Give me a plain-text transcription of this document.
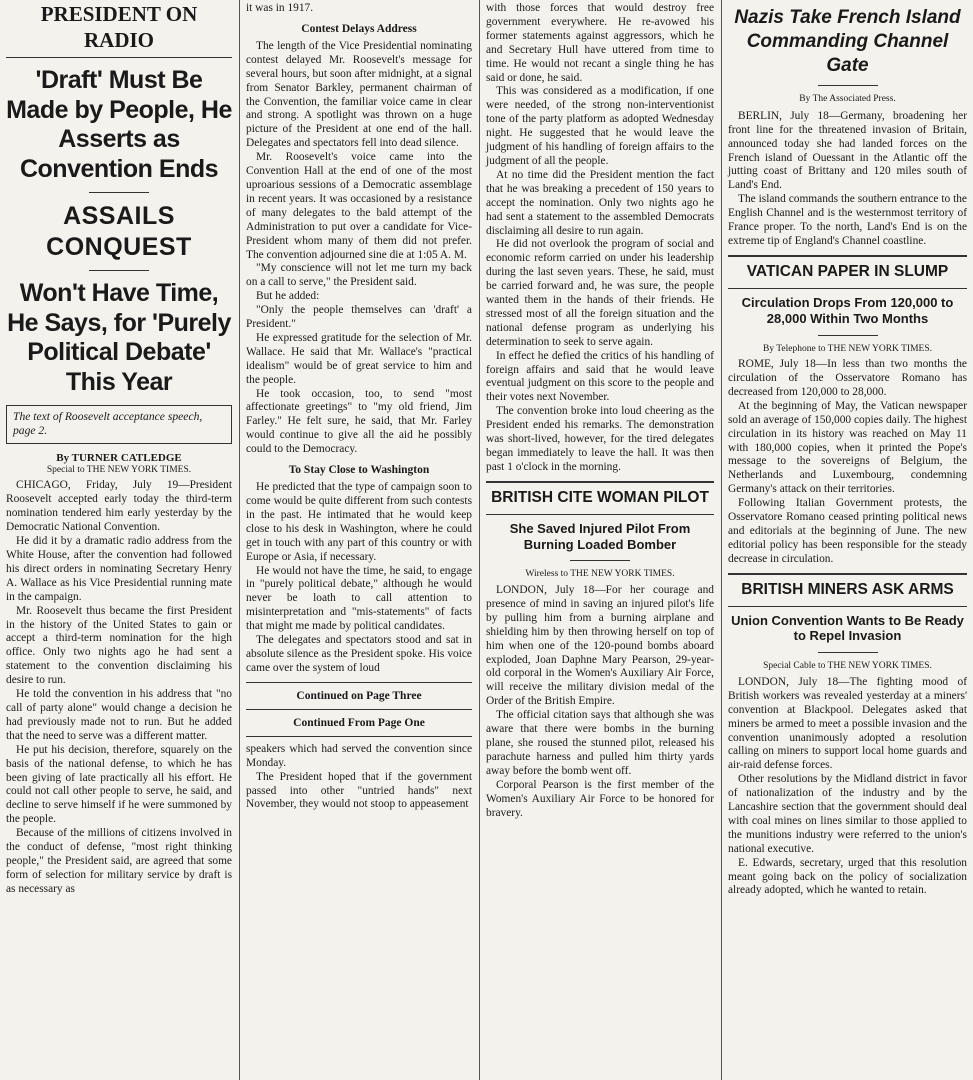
PRESIDENT ON RADIO
'Draft' Must Be Made by People, He Asserts as Convention Ends
ASSAILS CONQUEST
Won't Have Time, He Says, for 'Purely Political Debate' This Year
The text of Roosevelt acceptance speech, page 2.
By TURNER CATLEDGE
Special to THE NEW YORK TIMES.

CHICAGO, Friday, July 19—President Roosevelt accepted early today the third-term nomination tendered him early yesterday by the Democratic National Convention.

He did it by a dramatic radio address from the White House, after the convention had followed his direct orders in nominating Secretary Henry A. Wallace as his Vice Presidential running mate in the campaign.

Mr. Roosevelt thus became the first President in the history of the United States to gain or accept a third-term nomination for the high office. Only two nights ago he had sent a statement to the convention disclaiming his desire to run.

He told the convention in his address that "no call of party alone" would change a decision he had previously made not to run. But he added that the need to serve was a different matter.

He put his decision, therefore, squarely on the basis of the national defense, to which he has been giving of late practically all his effort. He could not call other people to serve, he said, and decline to serve himself if he were summoned by the people.

Because of the millions of citizens involved in the conduct of defense, "most right thinking people," the President said, are agreed that some form of selection for military service by draft is as necessary as

it was in 1917.

Contest Delays Address

The length of the Vice Presidential nominating contest delayed Mr. Roosevelt's message for several hours, but soon after midnight, at a signal from Senator Barkley, permanent chairman of the Convention, the familiar voice came in clear and strong. A spotlight was thrown on a huge picture of the President at one end of the hall. Delegates and spectators fell into dead silence.

Mr. Roosevelt's voice came into the Convention Hall at the end of one of the most uproarious sessions of a Democratic assemblage in recent years. It was occasioned by a resistance of many delegates to the bald attempt of the Administration to put over a candidate for Vice-President whom many of them did not prefer. The convention adjourned sine die at 1:05 A. M.

"My conscience will not let me turn my back on a call to serve," the President said.

But he added:

"Only the people themselves can 'draft' a President."

He expressed gratitude for the selection of Mr. Wallace. He said that Mr. Wallace's "practical idealism" would be of great service to him and the people.

He took occasion, too, to send "most affectionate greetings" to "my old friend, Jim Farley." He felt sure, he said, that Mr. Farley would continue to give all the aid he possibly could to the Democracy.

To Stay Close to Washington

He predicted that the type of campaign soon to come would be quite different from such contests in the past. He intimated that he would keep close to his desk in Washington, where he could get in touch with any part of this country or with Europe or Asia, if necessary.

He would not have the time, he said, to engage in "purely political debate," although he would never be loath to call attention to misinterpretation and "mis-statements" of facts that might me made by political candidates.

The delegates and spectators stood and sat in absolute silence as the President spoke. His voice came over the system of loud

Continued on Page Three
Continued From Page One

speakers which had served the convention since Monday.

The President hoped that if the government passed into other "untried hands" next November, they would not stoop to appeasement

with those forces that would destroy free government everywhere. He re-avowed his former statements against aggressors, which he and Secretary Hull have uttered from time to time. He would not recant a single thing he has said or done, he said.

This was considered as a modification, if one were needed, of the strong non-interventionist tone of the party platform as adopted Wednesday night. He suggested that he would leave the judgment of his handling of foreign affairs to the judgment of all the people.

At no time did the President mention the fact that he was breaking a precedent of 150 years to accept the nomination. Only two nights ago he had sent a statement to the assembled Democrats disclaiming all desire to run again.

He did not overlook the program of social and economic reform carried on under his leadership during the last seven years. These, he said, must be carried forward and, he was sure, the people wanted them in the hands of their friends. He stressed most of all the foreign situation and the national defense program as underlying his determination to seek to serve again.

In effect he defied the critics of his handling of foreign affairs and said that he would leave eventual judgment on this score to the people and their votes next November.

The convention broke into loud cheering as the President ended his remarks. The demonstration was short-lived, however, for the tired delegates began immediately to leave the hall. It was then past 1 o'clock in the morning.

BRITISH CITE WOMAN PILOT
She Saved Injured Pilot From Burning Loaded Bomber
Wireless to THE NEW YORK TIMES.

LONDON, July 18—For her courage and presence of mind in saving an injured pilot's life by pulling him from a burning airplane and shielding him by then throwing herself on top of him when one of the 120-pound bombs aboard exploded, Joan Daphne Mary Pearson, 29-year-old corporal in the Women's Auxiliary Air Force, will receive the military division medal of the Order of the British Empire.

The official citation says that although she was aware that there were bombs in the burning plane, she roused the stunned pilot, released his parachute harness and pulled him thirty yards away before the bomb went off.

Corporal Pearson is the first member of the Women's Auxiliary Air Force to be honored for bravery.

Nazis Take French Island Commanding Channel Gate
By The Associated Press.

BERLIN, July 18—Germany, broadening her front line for the threatened invasion of Britain, announced today she had landed forces on the French island of Ouessant in the Atlantic off the jutting coast of Brittany and 120 miles south of Land's End.

The island commands the southern entrance to the English Channel and is the westernmost territory of France proper. To the north, Land's End is on the extreme tip of England's Channel coastline.

VATICAN PAPER IN SLUMP
Circulation Drops From 120,000 to 28,000 Within Two Months
By Telephone to THE NEW YORK TIMES.

ROME, July 18—In less than two months the circulation of the Osservatore Romano has decreased from 120,000 to 28,000.

At the beginning of May, the Vatican newspaper sold an average of 150,000 copies daily. The highest circulation in its history was reached on May 11 with 180,000 copies, when it printed the Pope's message to the sovereigns of Belgium, the Netherlands and Luxembourg, condemning Germany's attack on their territories.

Following Italian Government protests, the Osservatore Romano ceased printing political news and editorials at the beginning of June. The new editorial policy has been responsible for the steady decrease in circulation.

BRITISH MINERS ASK ARMS
Union Convention Wants to Be Ready to Repel Invasion
Special Cable to THE NEW YORK TIMES.

LONDON, July 18—The fighting mood of British workers was revealed yesterday at a miners' convention at Blackpool. Delegates asked that miners be armed to meet a possible invasion and the convention unanimously adopted a resolution calling on miners to support local home guards and air-raid defense forces.

Other resolutions by the Midland district in favor of nationalization of the industry and by the Lancashire section that the government should deal with coal mines on lines similar to those applied to the munitions industry were referred to the union's national executive.

E. Edwards, secretary, urged that this resolution meant going back on the policy of socialization already adopted, which he wanted to retain.
